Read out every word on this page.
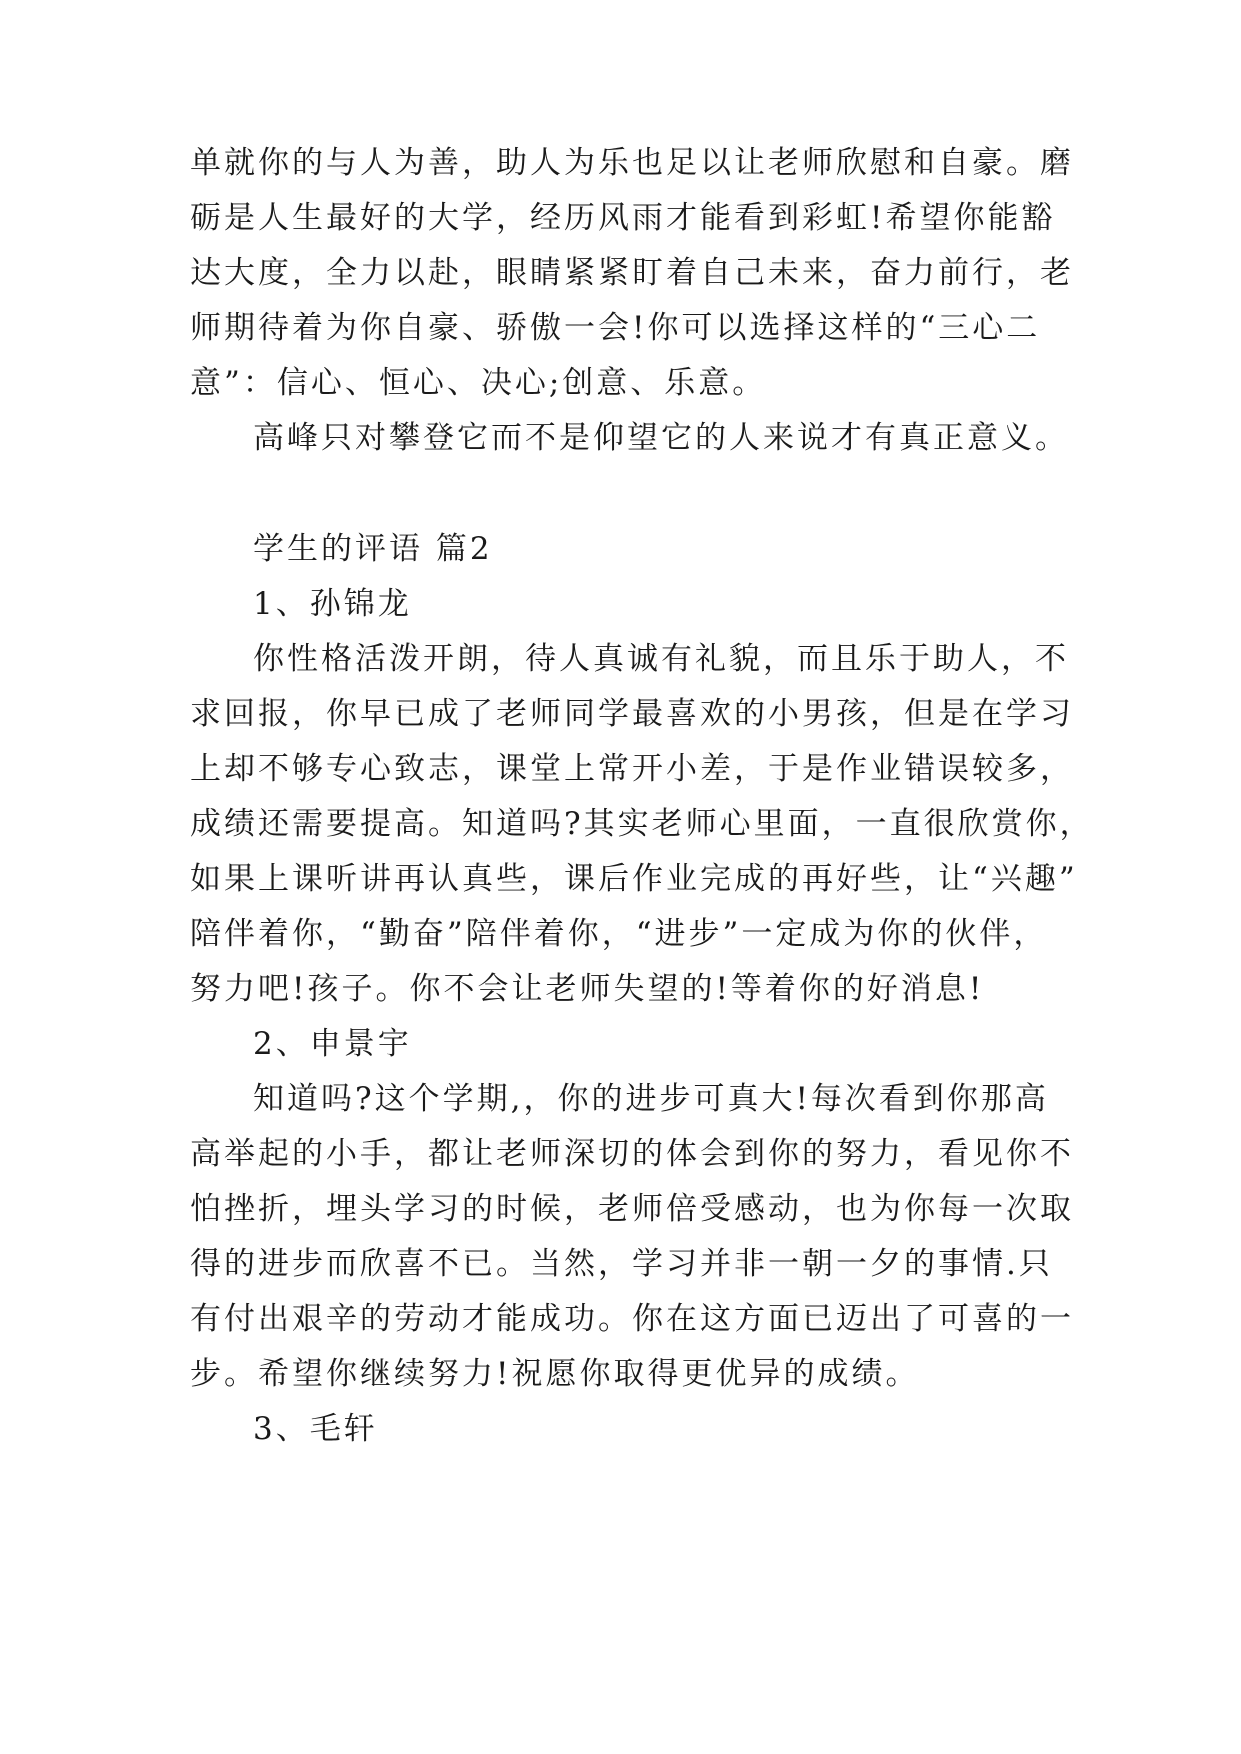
单就你的与人为善，助人为乐也足以让老师欣慰和自豪。磨
砺是人生最好的大学，经历风雨才能看到彩虹!希望你能豁
达大度，全力以赴，眼睛紧紧盯着自己未来，奋力前行，老
师期待着为你自豪、骄傲一会!你可以选择这样的“三心二
意”：信心、恒心、决心;创意、乐意。
高峰只对攀登它而不是仰望它的人来说才有真正意义。
学生的评语 篇2
1、孙锦龙
你性格活泼开朗，待人真诚有礼貌，而且乐于助人，不
求回报，你早已成了老师同学最喜欢的小男孩，但是在学习
上却不够专心致志，课堂上常开小差，于是作业错误较多，
成绩还需要提高。知道吗?其实老师心里面，一直很欣赏你，
如果上课听讲再认真些，课后作业完成的再好些，让“兴趣”
陪伴着你，“勤奋”陪伴着你，“进步”一定成为你的伙伴，
努力吧!孩子。你不会让老师失望的!等着你的好消息!
2、申景宇
知道吗?这个学期,，你的进步可真大!每次看到你那高
高举起的小手，都让老师深切的体会到你的努力，看见你不
怕挫折，埋头学习的时候，老师倍受感动，也为你每一次取
得的进步而欣喜不已。当然，学习并非一朝一夕的事情.只
有付出艰辛的劳动才能成功。你在这方面已迈出了可喜的一
步。希望你继续努力!祝愿你取得更优异的成绩。
3、毛轩
